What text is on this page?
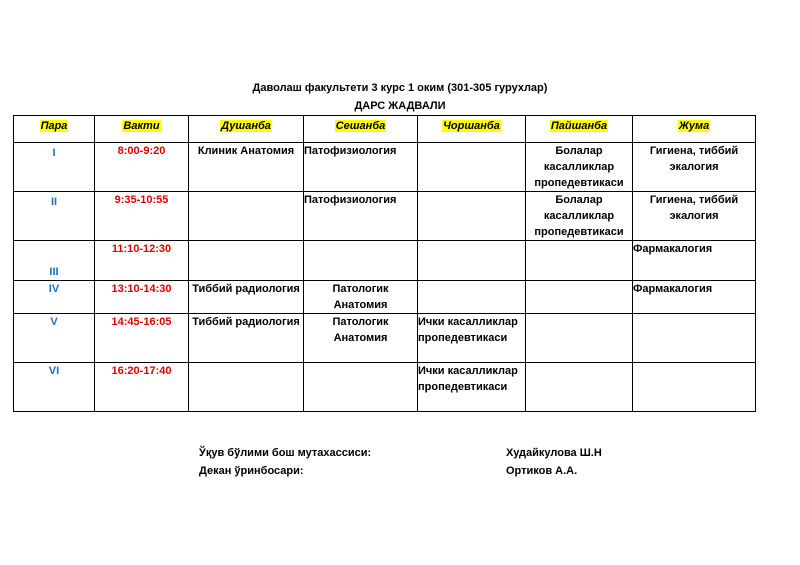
Даволаш факультети 3 курс 1 оким (301-305 гурухлар)
ДАРС ЖАДВАЛИ
Пара	Вакти	Душанба	Сешанба	Чоршанба	Пайшанба	Жума
I	8:00-9:20	Клиник Анатомия	Патофизиология		Болалар касалликлар пропедевтикаси	Гигиена, тиббий экалогия
II	9:35-10:55		Патофизиология		Болалар касалликлар пропедевтикаси	Гигиена, тиббий экалогия
III	11:10-12:30					Фармакалогия
IV	13:10-14:30	Тиббий радиология	Патологик Анатомия			Фармакалогия
V	14:45-16:05	Тиббий радиология	Патологик Анатомия	Ички касалликлар пропедевтикаси		
VI	16:20-17:40			Ички касалликлар пропедевтикаси		
Ўқув бўлими бош мутахассиси:	Худайкулова Ш.Н
Декан ўринбосари:	Ортиков А.А.
